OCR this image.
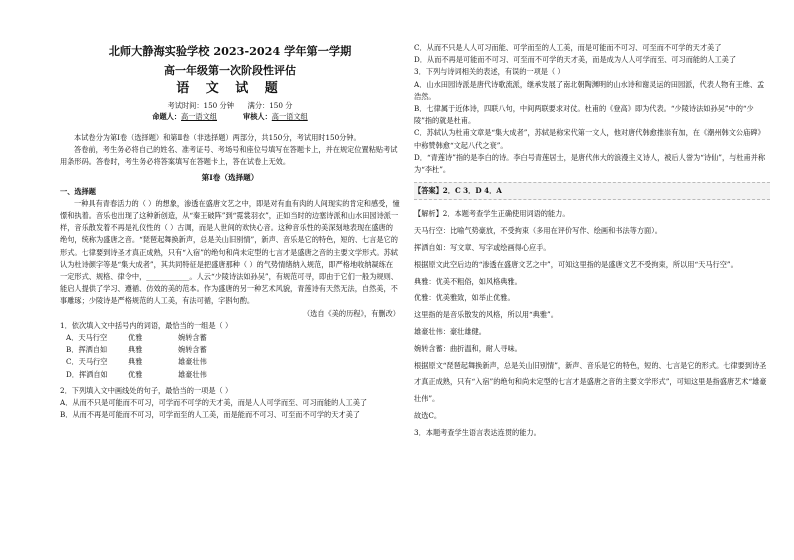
北师大静海实验学校 2023-2024 学年第一学期

高一年级第一次阶段性评估

语 文 试 题

考试时间：150 分钟 满分：150 分

命题人：高一语文组	审核人：高一语文组

本试卷分为第Ⅰ卷（选择题）和第Ⅱ卷（非选择题）两部分，共150分，考试用时150分钟。

答卷前，考生务必将自己的姓名、准考证号、考场号和座位号填写在答题卡上，并在规定位置粘贴考试用条形码。答卷时，考生务必将答案填写在答题卡上，答在试卷上无效。

第Ⅰ卷（选择题）

一、选择题

一种具有青春活力的（ ）的想象，渗透在盛唐文艺之中，即是对有血有肉的人间现实的肯定和感受，憧憬和执着。音乐也出现了这种新创造，从“秦王破阵”到“霓裳羽衣”，正如当时的边塞诗派和山水田园诗派一样，音乐散发着不再是礼仪性的（ ）古调，而是人世间的欢快心音。这种音乐性的美深刻地表现在盛唐的绝句，统称为盛唐之音。“琵琶起舞换新声，总是关山旧别情”，新声、音乐是它的特色，短的、七言是它的形式。七律要到诗圣才真正成熟，只有“入宿”的绝句和尚未定型的七言才是盛唐之音的主要文学形式。苏轼认为杜诗颜字等是“集大成者”，其共同特征是把盛唐那种（ ）的气势情绪纳入规范，即严格地收纳凝练在一定形式、规格、律令中，____________。人云“少陵诗法如孙吴”，有规范可寻，即由于它们一般为规则、能启人提供了学习、遵循、仿效的美的范本。作为盛唐的另一种艺术风貌，青莲诗有天然无法，自然美，不事雕琢；少陵诗是严格规范的人工美，有法可循，字斟句酌。

（选自《美的历程》，有删改）

1．依次填入文中括号内的词语，最恰当的一组是（ ）

A．天马行空	优雅	婉转含蓄
B．挥洒自如	典雅	婉转含蓄
C．天马行空	典雅	雄豪壮伟
D．挥洒自如	优雅	雄豪壮伟

2．下列填入文中画线处的句子，最恰当的一项是（ ）

A．从而不只是可能而不可习，可学而不可学的天才美，而是人人可学而至、可习而能的人工美了

B．从而不再是可能而不可习，可学而至的人工美，而是能而不可习、可至而不可学的天才美了

C．从而不只是人人可习而能、可学而至的人工美，而是可能而不可习、可至而不可学的天才美了

D．从而不再是可能而不可习、可至而不可学的天才美，而是成为人人可学而至、可习而能的人工美了

3．下列与诗词相关的表述，有误的一项是（ ）

A．山水田园诗派是唐代诗歌流派，继承发展了南北朝陶渊明的山水诗和谢灵运的田园派，代表人物有王维、孟浩然。

B．七律属于近体诗，四联八句，中间两联要求对仗。杜甫的《登高》即为代表。“少陵诗法如孙吴”中的“少陵”指的就是杜甫。

C．苏轼认为杜甫文章是“集大成者”，苏轼是称宋代第一文人，他对唐代韩愈推崇有加，在《潮州韩文公庙碑》中称赞韩愈“文起八代之衰”。

D．“青莲诗”指的是李白的诗。李白号青莲居士，是唐代伟大的浪漫主义诗人，被后人誉为“诗仙”，与杜甫并称为“李杜”。

【答案】2．C 3．D 4．A

【解析】2．本题考查学生正确使用词语的能力。

天马行空：比喻气势豪放，不受拘束（多用在评价写作、绘画和书法等方面）。

挥洒自如：写文章、写字或绘画得心应手。

根据原文此空后边的“渗透在盛唐文艺之中”，可知这里指的是盛唐文艺不受拘束，所以用“天马行空”。

典雅：优美不粗俗，如风格典雅。

优雅：优美雅致，如举止优雅。

这里指的是音乐散发的风格，所以用“典雅”。

雄豪壮伟：豪壮雄健。

婉转含蓄：曲折温和，耐人寻味。

根据原文“琵琶起舞换新声，总是关山旧别情”，新声、音乐是它的特色，短的、七言是它的形式。七律要到诗圣才真正成熟，只有“入宿”的绝句和尚未定型的七言才是盛唐之音的主要文学形式”，可知这里是指盛唐艺术“雄豪壮伟”。

故选C。

3．本题考查学生语言表达连贯的能力。
